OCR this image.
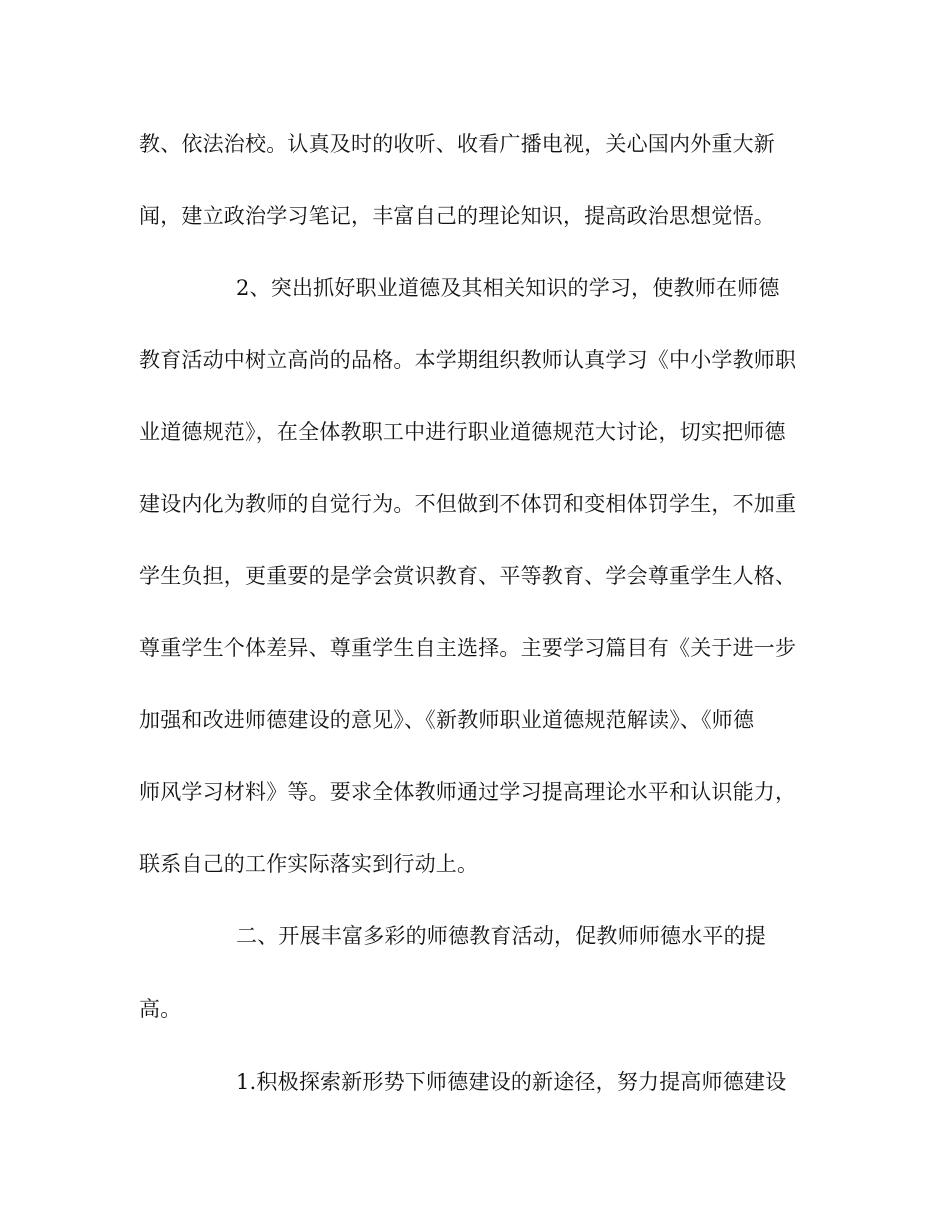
教、依法治校。认真及时的收听、收看广播电视，关心国内外重大新
闻，建立政治学习笔记，丰富自己的理论知识，提高政治思想觉悟。
2、突出抓好职业道德及其相关知识的学习，使教师在师德
教育活动中树立高尚的品格。本学期组织教师认真学习《中小学教师职
业道德规范》，在全体教职工中进行职业道德规范大讨论，切实把师德
建设内化为教师的自觉行为。不但做到不体罚和变相体罚学生，不加重
学生负担，更重要的是学会赏识教育、平等教育、学会尊重学生人格、
尊重学生个体差异、尊重学生自主选择。主要学习篇目有《关于进一步
加强和改进师德建设的意见》、《新教师职业道德规范解读》、《师德
师风学习材料》等。要求全体教师通过学习提高理论水平和认识能力，
联系自己的工作实际落实到行动上。
二、开展丰富多彩的师德教育活动，促教师师德水平的提
高。
1.积极探索新形势下师德建设的新途径，努力提高师德建设
